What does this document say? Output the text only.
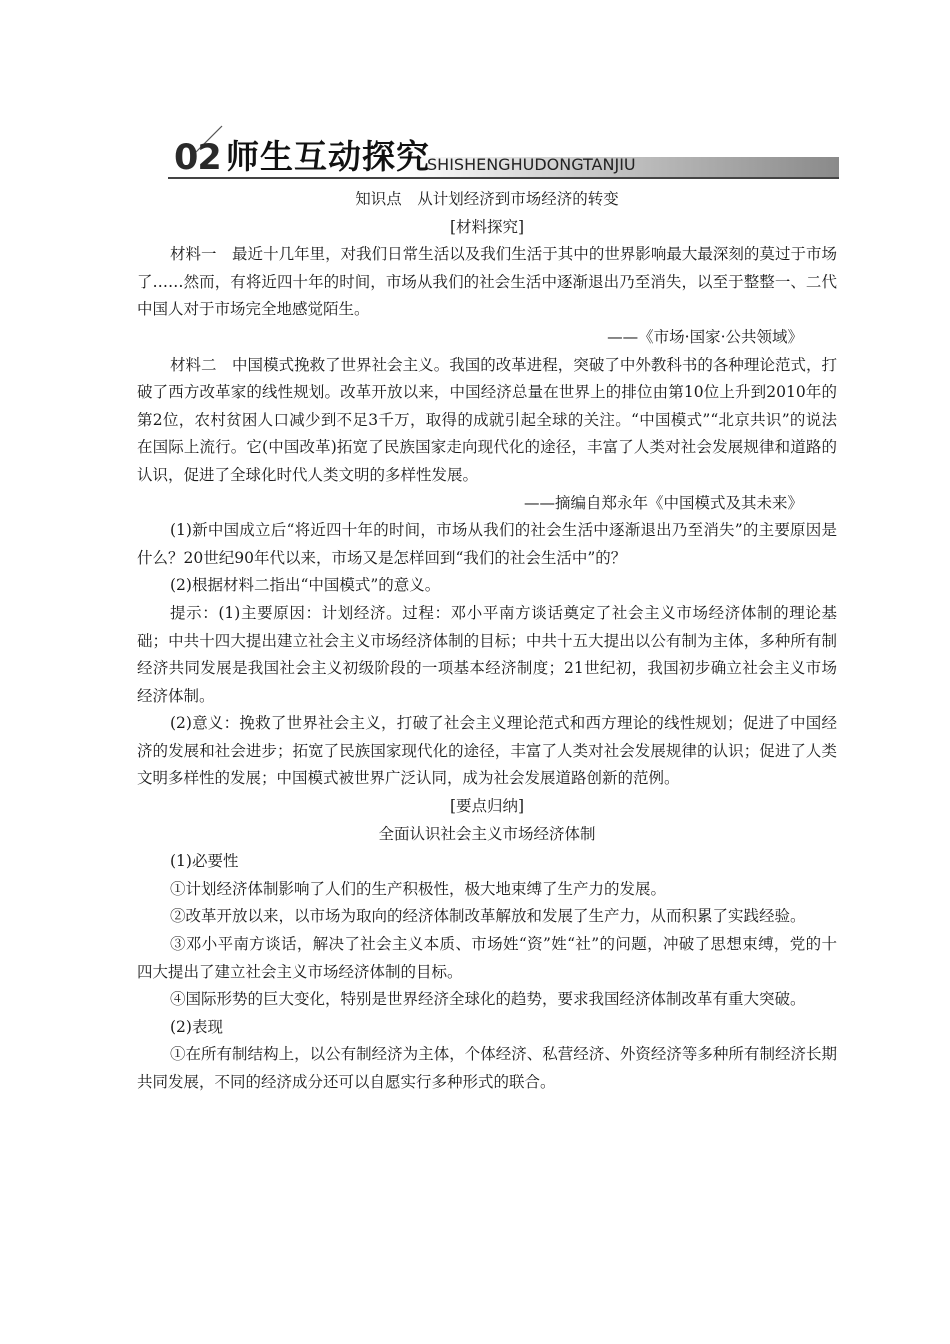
02 师生互动探究
SHISHENGHUDONGTANJIU

知识点　从计划经济到市场经济的转变

[材料探究]

材料一　最近十几年里，对我们日常生活以及我们生活于其中的世界影响最大最深刻的莫过于市场了……然而，有将近四十年的时间，市场从我们的社会生活中逐渐退出乃至消失，以至于整整一、二代中国人对于市场完全地感觉陌生。

——《市场·国家·公共领域》

材料二　中国模式挽救了世界社会主义。我国的改革进程，突破了中外教科书的各种理论范式，打破了西方改革家的线性规划。改革开放以来，中国经济总量在世界上的排位由第10位上升到2010年的第2位，农村贫困人口减少到不足3千万，取得的成就引起全球的关注。“中国模式”“北京共识”的说法在国际上流行。它(中国改革)拓宽了民族国家走向现代化的途径，丰富了人类对社会发展规律和道路的认识，促进了全球化时代人类文明的多样性发展。

——摘编自郑永年《中国模式及其未来》

(1)新中国成立后“将近四十年的时间，市场从我们的社会生活中逐渐退出乃至消失”的主要原因是什么？20世纪90年代以来，市场又是怎样回到“我们的社会生活中”的？

(2)根据材料二指出“中国模式”的意义。

提示：(1)主要原因：计划经济。过程：邓小平南方谈话奠定了社会主义市场经济体制的理论基础；中共十四大提出建立社会主义市场经济体制的目标；中共十五大提出以公有制为主体，多种所有制经济共同发展是我国社会主义初级阶段的一项基本经济制度；21世纪初，我国初步确立社会主义市场经济体制。

(2)意义：挽救了世界社会主义，打破了社会主义理论范式和西方理论的线性规划；促进了中国经济的发展和社会进步；拓宽了民族国家现代化的途径，丰富了人类对社会发展规律的认识；促进了人类文明多样性的发展；中国模式被世界广泛认同，成为社会发展道路创新的范例。

[要点归纳]

全面认识社会主义市场经济体制

(1)必要性

①计划经济体制影响了人们的生产积极性，极大地束缚了生产力的发展。

②改革开放以来，以市场为取向的经济体制改革解放和发展了生产力，从而积累了实践经验。

③邓小平南方谈话，解决了社会主义本质、市场姓“资”姓“社”的问题，冲破了思想束缚，党的十四大提出了建立社会主义市场经济体制的目标。

④国际形势的巨大变化，特别是世界经济全球化的趋势，要求我国经济体制改革有重大突破。

(2)表现

①在所有制结构上，以公有制经济为主体，个体经济、私营经济、外资经济等多种所有制经济长期共同发展，不同的经济成分还可以自愿实行多种形式的联合。
